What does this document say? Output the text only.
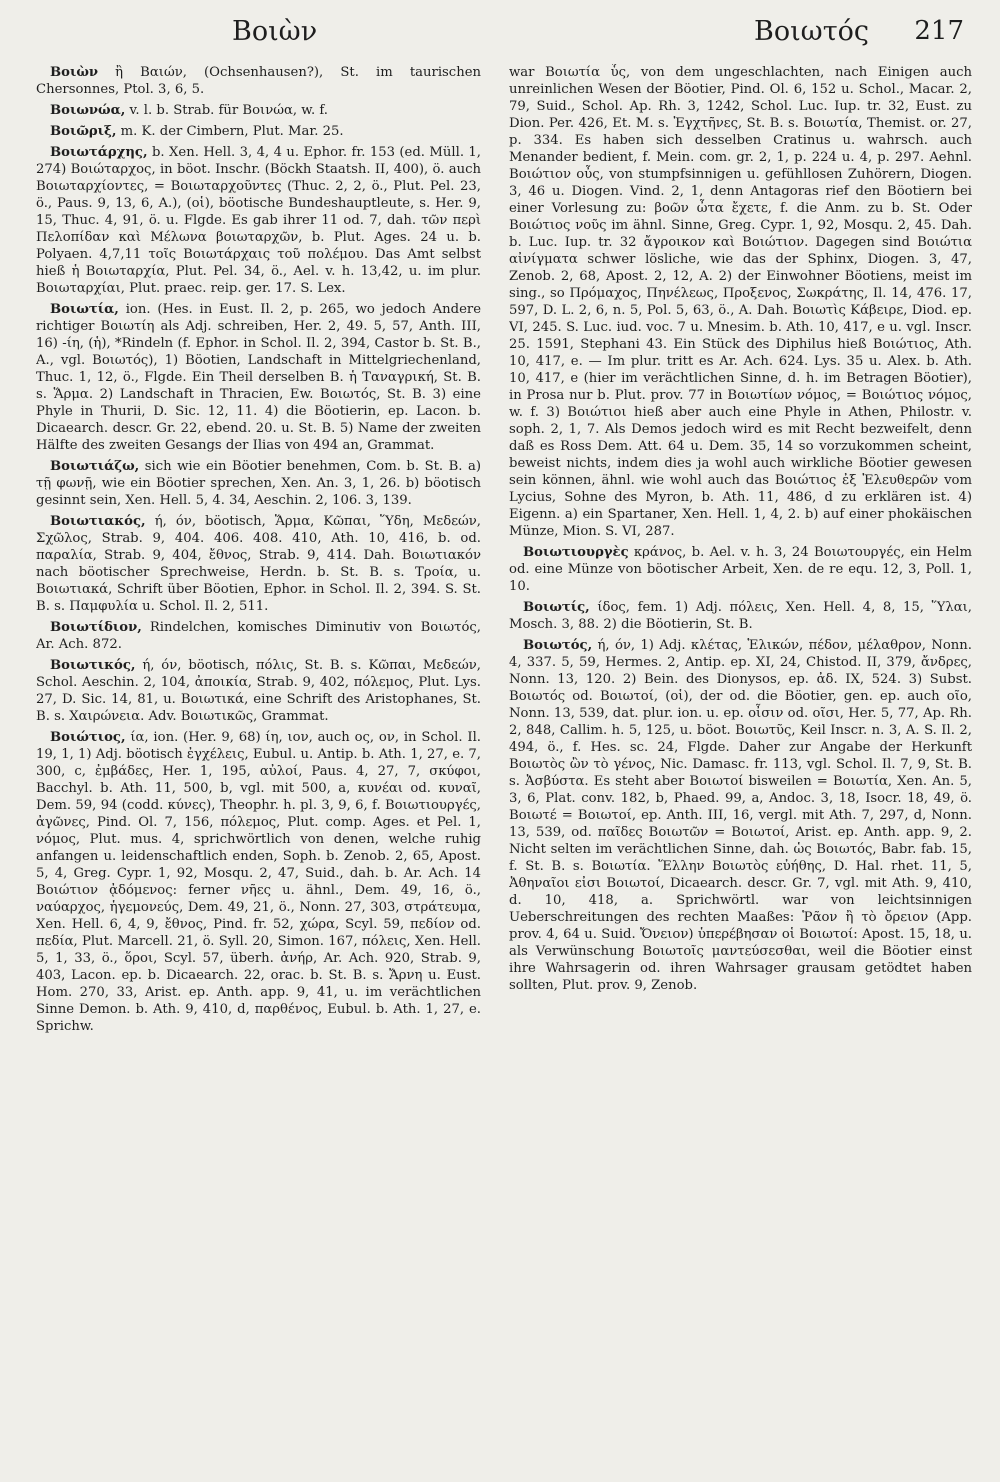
Βοιὼν	Βοιωτός 217

Βοιὼν ἢ Βαιών, (Ochsenhausen?), St. im taurischen Chersonnes, Ptol. 3, 6, 5.

Βοιωνώα, v. l. b. Strab. für Βοινώα, w. f.

Βοιῶριξ, m. K. der Cimbern, Plut. Mar. 25.

Βοιωτάρχης, b. Xen. Hell. 3, 4, 4 u. Ephor. fr. 153 (ed. Müll. 1, 274) Βοιώταρχος, in böot. Inschr. (Böckh Staatsh. II, 400), ö. auch Βοιωταρχίοντες, = Βοιωταρχοῦντες (Thuc. 2, 2, ö., Plut. Pel. 23, ö., Paus. 9, 13, 6, A.), (οἱ), böotische Bundeshauptleute, s. Her. 9, 15, Thuc. 4, 91, ö. u. Flgde. Es gab ihrer 11 od. 7, dah. τῶν περὶ Πελοπίδαν καὶ Μέλωνα βοιωταρχῶν, b. Plut. Ages. 24 u. b. Polyaen. 4,7,11 τοῖς Βοιωτάρχαις τοῦ πολέμου. Das Amt selbst hieß ἡ Βοιωταρχία, Plut. Pel. 34, ö., Ael. v. h. 13,42, u. im plur. Βοιωταρχίαι, Plut. praec. reip. ger. 17. S. Lex.

Βοιωτία, ion. (Hes. in Eust. Il. 2, p. 265, wo jedoch Andere richtiger Βοιωτίη als Adj. schreiben, Her. 2, 49. 5, 57, Anth. III, 16) -ίη, (ἡ), *Rindeln (f. Ephor. in Schol. Il. 2, 394, Castor b. St. B., A., vgl. Βοιωτός), 1) Böotien, Landschaft in Mittelgriechenland, Thuc. 1, 12, ö., Flgde. Ein Theil derselben B. ἡ Ταναγρική, St. B. s. Ἅρμα. 2) Landschaft in Thracien, Ew. Βοιωτός, St. B. 3) eine Phyle in Thurii, D. Sic. 12, 11. 4) die Böotierin, ep. Lacon. b. Dicaearch. descr. Gr. 22, ebend. 20. u. St. B. 5) Name der zweiten Hälfte des zweiten Gesangs der Ilias von 494 an, Grammat.

Βοιωτιάζω, sich wie ein Böotier benehmen, Com. b. St. B. a) τῇ φωνῇ, wie ein Böotier sprechen, Xen. An. 3, 1, 26. b) böotisch gesinnt sein, Xen. Hell. 5, 4. 34, Aeschin. 2, 106. 3, 139.

Βοιωτιακός, ή, όν, böotisch, Ἅρμα, Κῶπαι, Ὕδη, Μεδεών, Σχῶλος, Strab. 9, 404. 406. 408. 410, Ath. 10, 416, b. od. παραλία, Strab. 9, 404, ἔθνος, Strab. 9, 414. Dah. Βοιωτιακόν nach böotischer Sprechweise, Herdn. b. St. B. s. Τροία, u. Βοιωτιακά, Schrift über Böotien, Ephor. in Schol. Il. 2, 394. S. St. B. s. Παμφυλία u. Schol. Il. 2, 511.

Βοιωτίδιον, Rindelchen, komisches Diminutiv von Βοιωτός, Ar. Ach. 872.

Βοιωτικός, ή, όν, böotisch, πόλις, St. B. s. Κῶπαι, Μεδεών, Schol. Aeschin. 2, 104, ἀποικία, Strab. 9, 402, πόλεμος, Plut. Lys. 27, D. Sic. 14, 81, u. Βοιωτικά, eine Schrift des Aristophanes, St. B. s. Χαιρώνεια. Adv. Βοιωτικῶς, Grammat.

Βοιώτιος, ία, ion. (Her. 9, 68) ίη, ιον, auch ος, ον, in Schol. Il. 19, 1, 1) Adj. böotisch ἐγχέλεις, Eubul. u. Antip. b. Ath. 1, 27, e. 7, 300, c, ἐμβάδες, Her. 1, 195, αὐλοί, Paus. 4, 27, 7, σκύφοι, Bacchyl. b. Ath. 11, 500, b, vgl. mit 500, a, κυνέαι od. κυναῖ, Dem. 59, 94 (codd. κύνες), Theophr. h. pl. 3, 9, 6, f. Βοιωτιουργές, ἀγῶνες, Pind. Ol. 7, 156, πόλεμος, Plut. comp. Ages. et Pel. 1, νόμος, Plut. mus. 4, sprichwörtlich von denen, welche ruhig anfangen u. leidenschaftlich enden, Soph. b. Zenob. 2, 65, Apost. 5, 4, Greg. Cypr. 1, 92, Mosqu. 2, 47, Suid., dah. b. Ar. Ach. 14 Βοιώτιον ᾀδόμενος: ferner νῆες u. ähnl., Dem. 49, 16, ö., ναύαρχος, ἡγεμονεύς, Dem. 49, 21, ö., Nonn. 27, 303, στράτευμα, Xen. Hell. 6, 4, 9, ἔθνος, Pind. fr. 52, χώρα, Scyl. 59, πεδίον od. πεδία, Plut. Marcell. 21, ö. Syll. 20, Simon. 167, πόλεις, Xen. Hell. 5, 1, 33, ö., ὅροι, Scyl. 57, überh. ἀνήρ, Ar. Ach. 920, Strab. 9, 403, Lacon. ep. b. Dicaearch. 22, orac. b. St. B. s. Ἄρνη u. Eust. Hom. 270, 33, Arist. ep. Anth. app. 9, 41, u. im verächtlichen Sinne Demon. b. Ath. 9, 410, d, παρθένος, Eubul. b. Ath. 1, 27, e. Sprichw.

war Βοιωτία ὗς, von dem ungeschlachten, nach Einigen auch unreinlichen Wesen der Böotier, Pind. Ol. 6, 152 u. Schol., Macar. 2, 79, Suid., Schol. Ap. Rh. 3, 1242, Schol. Luc. Iup. tr. 32, Eust. zu Dion. Per. 426, Et. M. s. Ἐγχτῆνες, St. B. s. Βοιωτία, Themist. or. 27, p. 334. Es haben sich desselben Cratinus u. wahrsch. auch Menander bedient, f. Mein. com. gr. 2, 1, p. 224 u. 4, p. 297. Aehnl. Βοιώτιον οὖς, von stumpfsinnigen u. gefühllosen Zuhörern, Diogen. 3, 46 u. Diogen. Vind. 2, 1, denn Antagoras rief den Böotiern bei einer Vorlesung zu: βοῶν ὦτα ἔχετε, f. die Anm. zu b. St. Oder Βοιώτιος νοῦς im ähnl. Sinne, Greg. Cypr. 1, 92, Mosqu. 2, 45. Dah. b. Luc. Iup. tr. 32 ἄγροικον καὶ Βοιώτιον. Dagegen sind Βοιώτια αἰνίγματα schwer lösliche, wie das der Sphinx, Diogen. 3, 47, Zenob. 2, 68, Apost. 2, 12, A. 2) der Einwohner Böotiens, meist im sing., so Πρόμαχος, Πηνέλεως, Προξενος, Σωκράτης, Il. 14, 476. 17, 597, D. L. 2, 6, n. 5, Pol. 5, 63, ö., A. Dah. Βοιωτὶς Κάβειρε, Diod. ep. VI, 245. S. Luc. iud. voc. 7 u. Mnesim. b. Ath. 10, 417, e u. vgl. Inscr. 25. 1591, Stephani 43. Ein Stück des Diphilus hieß Βοιώτιος, Ath. 10, 417, e. — Im plur. tritt es Ar. Ach. 624. Lys. 35 u. Alex. b. Ath. 10, 417, e (hier im verächtlichen Sinne, d. h. im Betragen Böotier), in Prosa nur b. Plut. prov. 77 in Βοιωτίων νόμος, = Βοιώτιος νόμος, w. f. 3) Βοιώτιοι hieß aber auch eine Phyle in Athen, Philostr. v. soph. 2, 1, 7. Als Demos jedoch wird es mit Recht bezweifelt, denn daß es Ross Dem. Att. 64 u. Dem. 35, 14 so vorzukommen scheint, beweist nichts, indem dies ja wohl auch wirkliche Böotier gewesen sein können, ähnl. wie wohl auch das Βοιώτιος ἐξ Ἐλευθερῶν vom Lycius, Sohne des Myron, b. Ath. 11, 486, d zu erklären ist. 4) Eigenn. a) ein Spartaner, Xen. Hell. 1, 4, 2. b) auf einer phokäischen Münze, Mion. S. VI, 287.

Βοιωτιουργὲς κράνος, b. Ael. v. h. 3, 24 Βοιωτουργές, ein Helm od. eine Münze von böotischer Arbeit, Xen. de re equ. 12, 3, Poll. 1, 10.

Βοιωτίς, ίδος, fem. 1) Adj. πόλεις, Xen. Hell. 4, 8, 15, Ὕλαι, Mosch. 3, 88. 2) die Böotierin, St. B.

Βοιωτός, ή, όν, 1) Adj. κλέτας, Ἑλικών, πέδον, μέλαθρον, Nonn. 4, 337. 5, 59, Hermes. 2, Antip. ep. XI, 24, Chistod. II, 379, ἄνδρες, Nonn. 13, 120. 2) Bein. des Dionysos, ep. ἀδ. IX, 524. 3) Subst. Βοιωτός od. Βοιωτοί, (οἱ), der od. die Böotier, gen. ep. auch οῖο, Nonn. 13, 539, dat. plur. ion. u. ep. οἶσιν od. οῖσι, Her. 5, 77, Ap. Rh. 2, 848, Callim. h. 5, 125, u. böot. Βοιωτῦς, Keil Inscr. n. 3, A. S. Il. 2, 494, ö., f. Hes. sc. 24, Flgde. Daher zur Angabe der Herkunft Βοιωτὸς ὢν τὸ γένος, Nic. Damasc. fr. 113, vgl. Schol. Il. 7, 9, St. B. s. Ἀσβύστα. Es steht aber Βοιωτοί bisweilen = Βοιωτία, Xen. An. 5, 3, 6, Plat. conv. 182, b, Phaed. 99, a, Andoc. 3, 18, Isocr. 18, 49, ö. Βοιωτέ = Βοιωτοί, ep. Anth. III, 16, vergl. mit Ath. 7, 297, d, Nonn. 13, 539, od. παῖδες Βοιωτῶν = Βοιωτοί, Arist. ep. Anth. app. 9, 2. Nicht selten im verächtlichen Sinne, dah. ὡς Βοιωτός, Babr. fab. 15, f. St. B. s. Βοιωτία. Ἕλλην Βοιωτὸς εὐήθης, D. Hal. rhet. 11, 5, Ἀθηναῖοι εἰσι Βοιωτοί, Dicaearch. descr. Gr. 7, vgl. mit Ath. 9, 410, d. 10, 418, a. Sprichwörtl. war von leichtsinnigen Ueberschreitungen des rechten Maaßes: Ῥᾶον ἢ τὸ ὄρειον (App. prov. 4, 64 u. Suid. Ὄνειον) ὑπερέβησαν οἱ Βοιωτοί: Apost. 15, 18, u. als Verwünschung Βοιωτοῖς μαντεύσεσθαι, weil die Böotier einst ihre Wahrsagerin od. ihren Wahrsager grausam getödtet haben sollten, Plut. prov. 9, Zenob.
